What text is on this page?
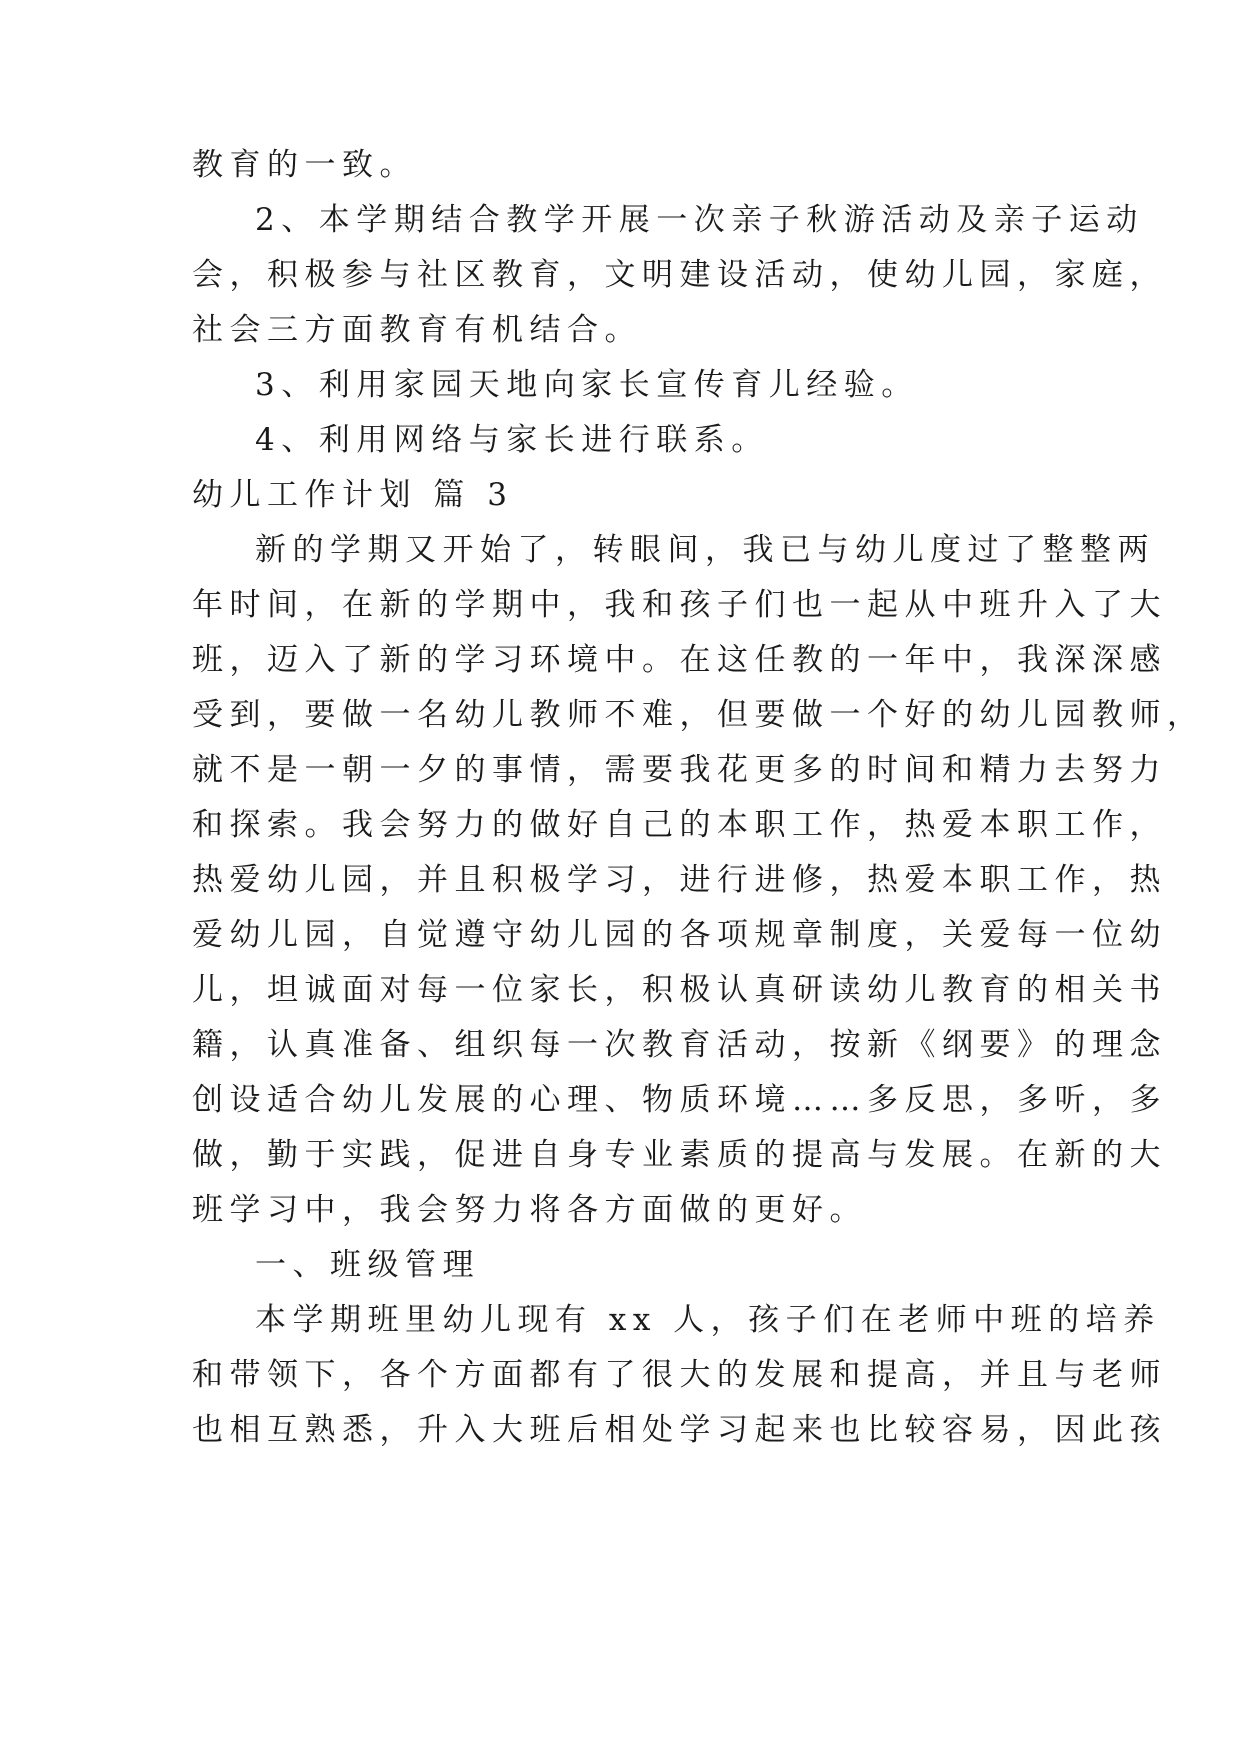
教育的一致。
2、本学期结合教学开展一次亲子秋游活动及亲子运动
会，积极参与社区教育，文明建设活动，使幼儿园，家庭，
社会三方面教育有机结合。
3、利用家园天地向家长宣传育儿经验。
4、利用网络与家长进行联系。
幼儿工作计划 篇 3
新的学期又开始了，转眼间，我已与幼儿度过了整整两
年时间，在新的学期中，我和孩子们也一起从中班升入了大
班，迈入了新的学习环境中。在这任教的一年中，我深深感
受到，要做一名幼儿教师不难，但要做一个好的幼儿园教师，
就不是一朝一夕的事情，需要我花更多的时间和精力去努力
和探索。我会努力的做好自己的本职工作，热爱本职工作，
热爱幼儿园，并且积极学习，进行进修，热爱本职工作，热
爱幼儿园，自觉遵守幼儿园的各项规章制度，关爱每一位幼
儿，坦诚面对每一位家长，积极认真研读幼儿教育的相关书
籍，认真准备、组织每一次教育活动，按新《纲要》的理念
创设适合幼儿发展的心理、物质环境……多反思，多听，多
做，勤于实践，促进自身专业素质的提高与发展。在新的大
班学习中，我会努力将各方面做的更好。
一、班级管理
本学期班里幼儿现有 xx 人，孩子们在老师中班的培养
和带领下，各个方面都有了很大的发展和提高，并且与老师
也相互熟悉，升入大班后相处学习起来也比较容易，因此孩
